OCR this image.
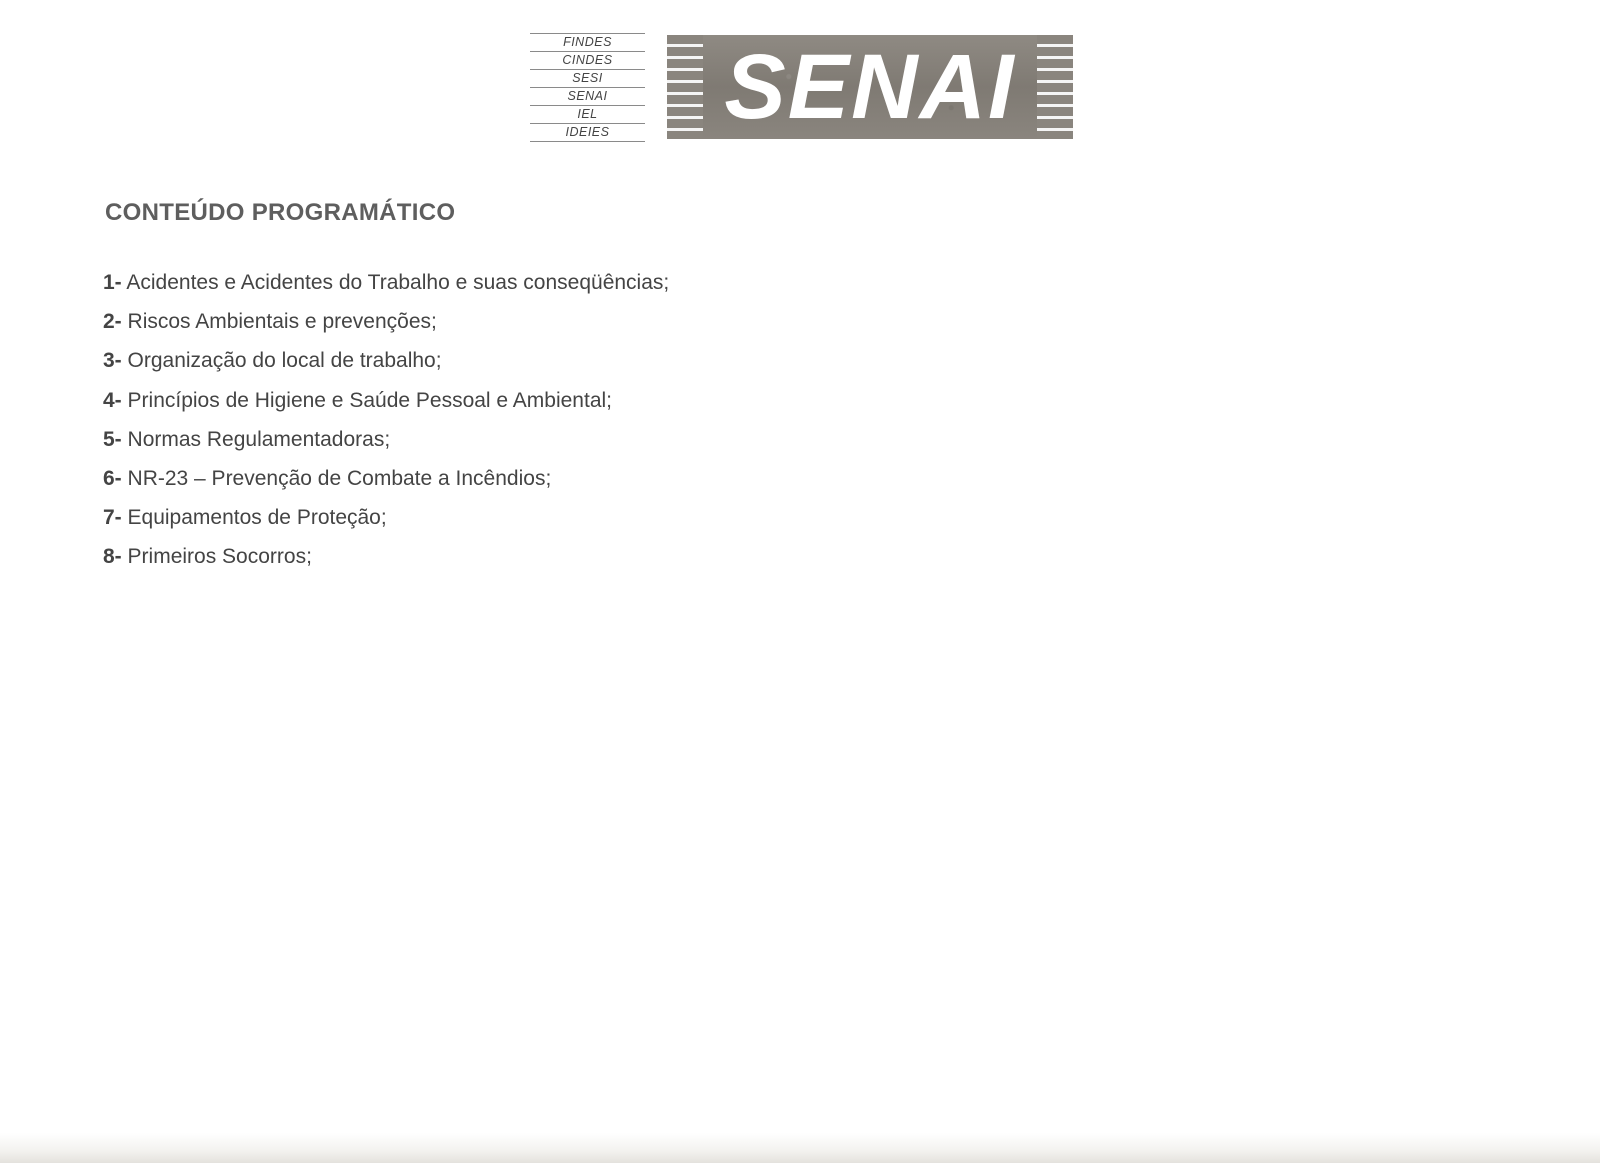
FINDES
CINDES
SESI
SENAI
IEL
IDEIES	SENAI
CONTEÚDO PROGRAMÁTICO
1- Acidentes e Acidentes do Trabalho e suas conseqüências;
2- Riscos Ambientais e prevenções;
3- Organização do local de trabalho;
4- Princípios de Higiene e Saúde Pessoal e Ambiental;
5- Normas Regulamentadoras;
6- NR-23 – Prevenção de Combate a Incêndios;
7- Equipamentos de Proteção;
8- Primeiros Socorros;
